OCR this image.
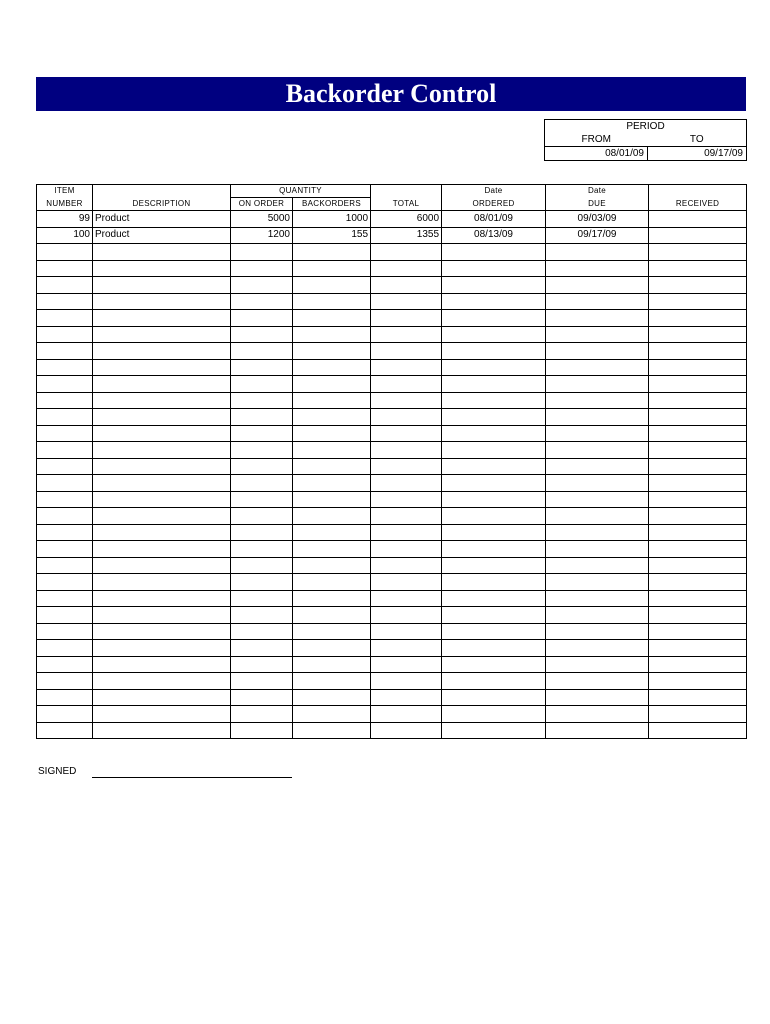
Backorder Control
PERIOD	
FROM	TO
08/01/09	09/17/09
ITEM		QUANTITY			Date	Date	
NUMBER	DESCRIPTION	ON ORDER	BACKORDERS	TOTAL	ORDERED	DUE	RECEIVED
99	Product	5000	1000	6000	08/01/09	09/03/09	
100	Product	1200	155	1355	08/13/09	09/17/09	

SIGNED
